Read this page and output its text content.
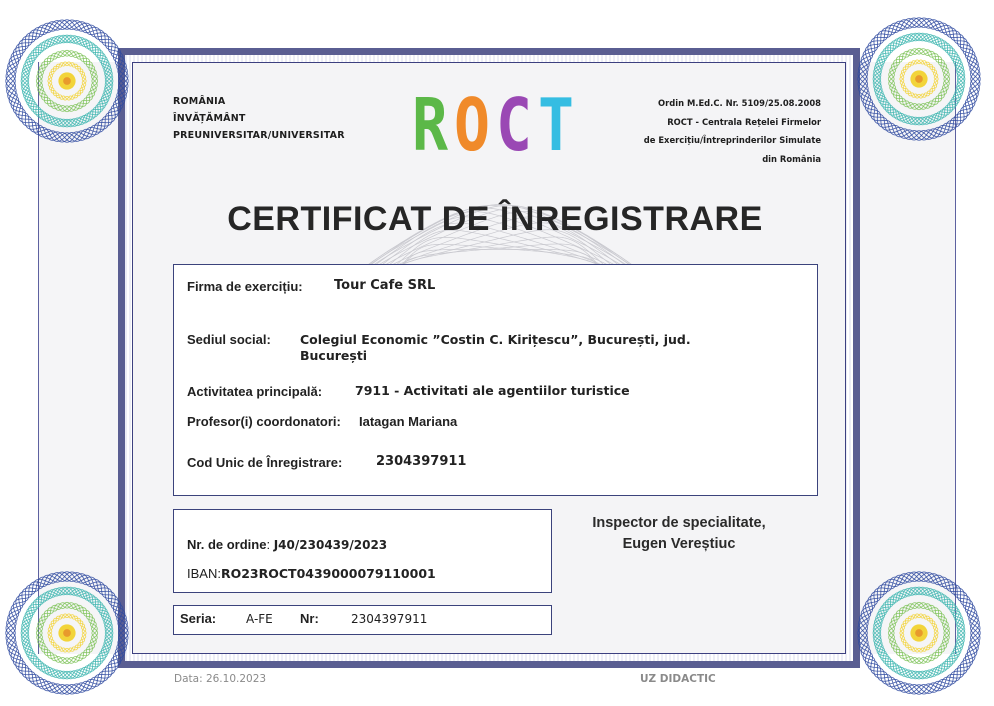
ROMÂNIA
ÎNVĂȚĂMÂNT
PREUNIVERSITAR/UNIVERSITAR R O C T	Ordin M.Ed.C. Nr. 5109/25.08.2008
ROCT - Centrala Rețelei Firmelor
de Exercițiu/Întreprinderilor Simulate
din România
CERTIFICAT DE ÎNREGISTRARE
Firma de exercițiu: Tour Cafe SRL
Sediul social: Colegiul Economic ”Costin C. Kirițescu”, București, jud.
București
Activitatea principală:	7911 - Activitati ale agentiilor turistice
Profesor(i) coordonatori: Iatagan Mariana
Cod Unic de Înregistrare:	2304397911
Nr. de ordine: J40/230439/2023
IBAN:RO23ROCT0439000079110001
Seria: A-FE Nr:	2304397911
Inspector de specialitate,
Eugen Vereștiuc
Data: 26.10.2023	UZ DIDACTIC
